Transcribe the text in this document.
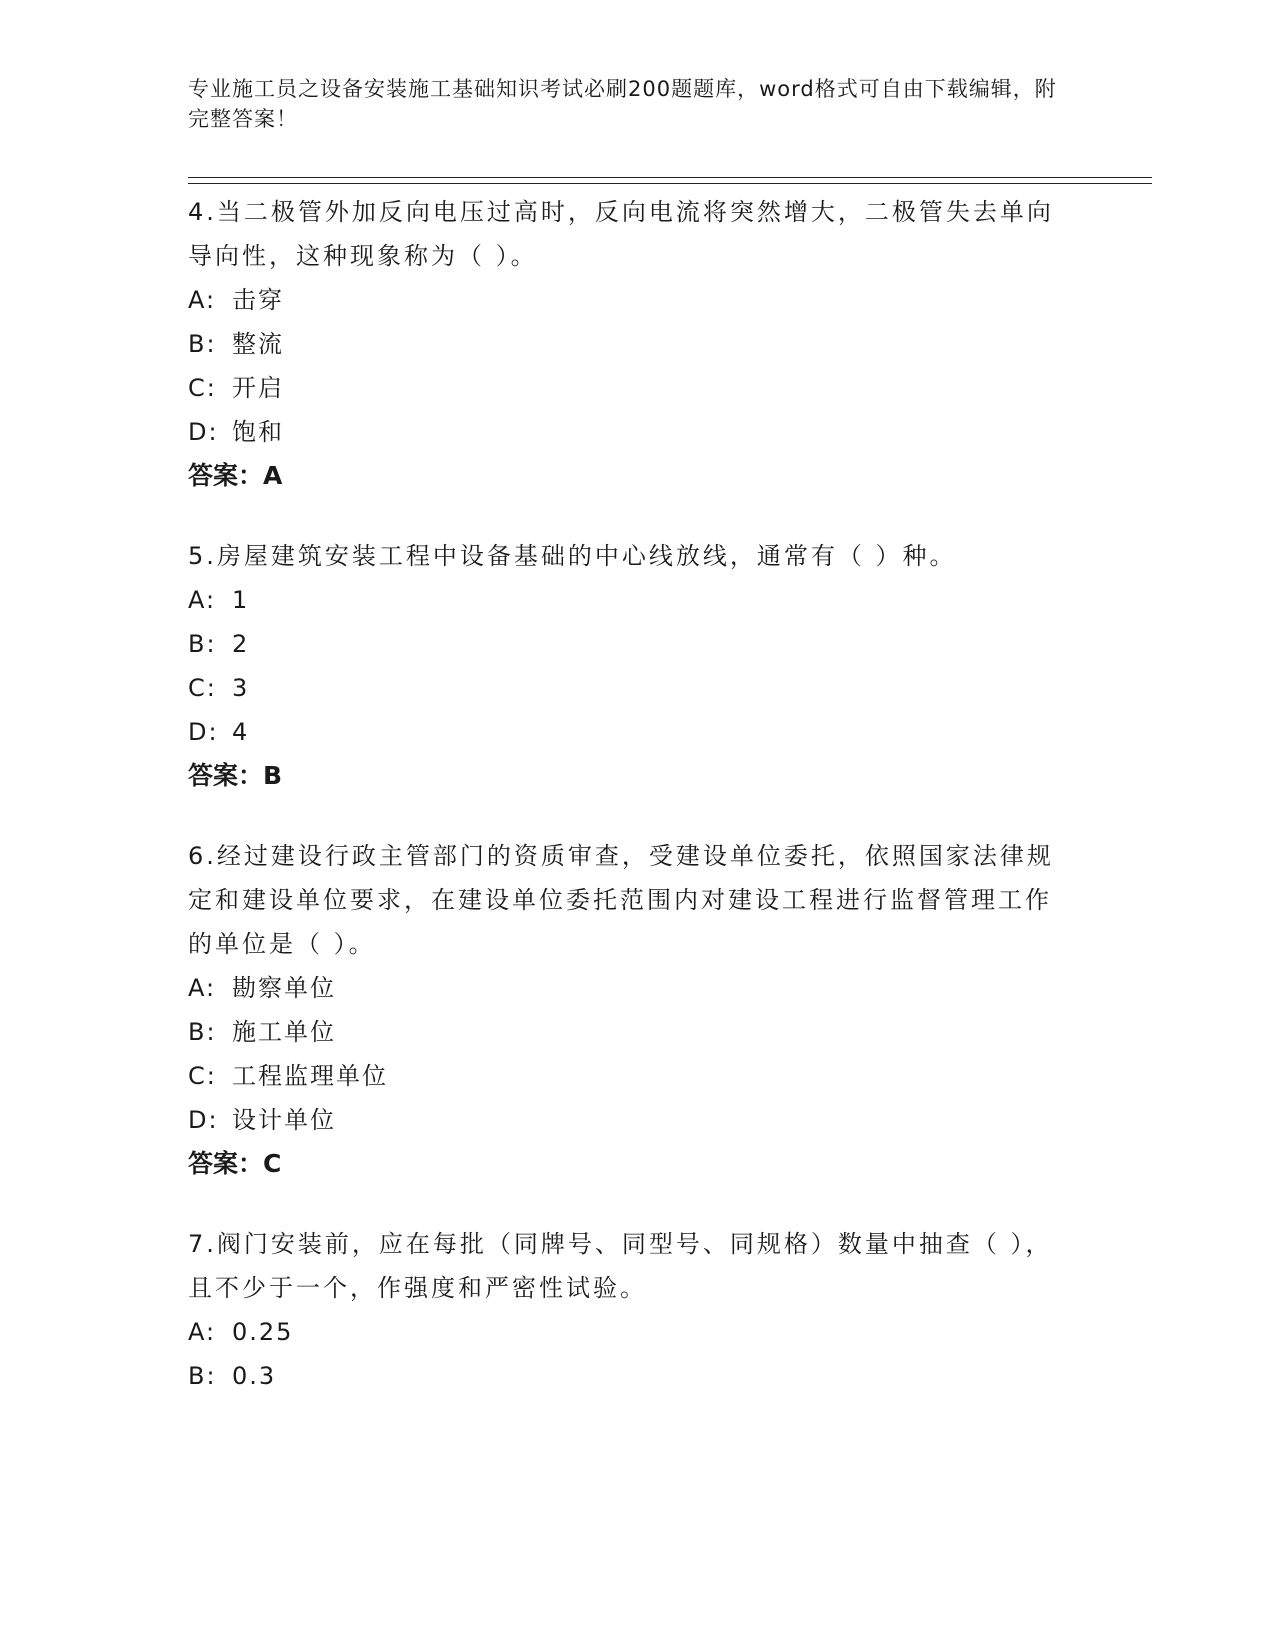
专业施工员之设备安装施工基础知识考试必刷200题题库，word格式可自由下载编辑，附完整答案！

4.当二极管外加反向电压过高时，反向电流将突然增大，二极管失去单向导向性，这种现象称为（ ）。

A: 击穿

B: 整流

C: 开启

D: 饱和

答案：A

5.房屋建筑安装工程中设备基础的中心线放线，通常有（ ）种。

A: 1

B: 2

C: 3

D: 4

答案：B

6.经过建设行政主管部门的资质审查，受建设单位委托，依照国家法律规定和建设单位要求，在建设单位委托范围内对建设工程进行监督管理工作的单位是（ ）。

A: 勘察单位

B: 施工单位

C: 工程监理单位

D: 设计单位

答案：C

7.阀门安装前，应在每批（同牌号、同型号、同规格）数量中抽查（ ），且不少于一个，作强度和严密性试验。

A: 0.25

B: 0.3
